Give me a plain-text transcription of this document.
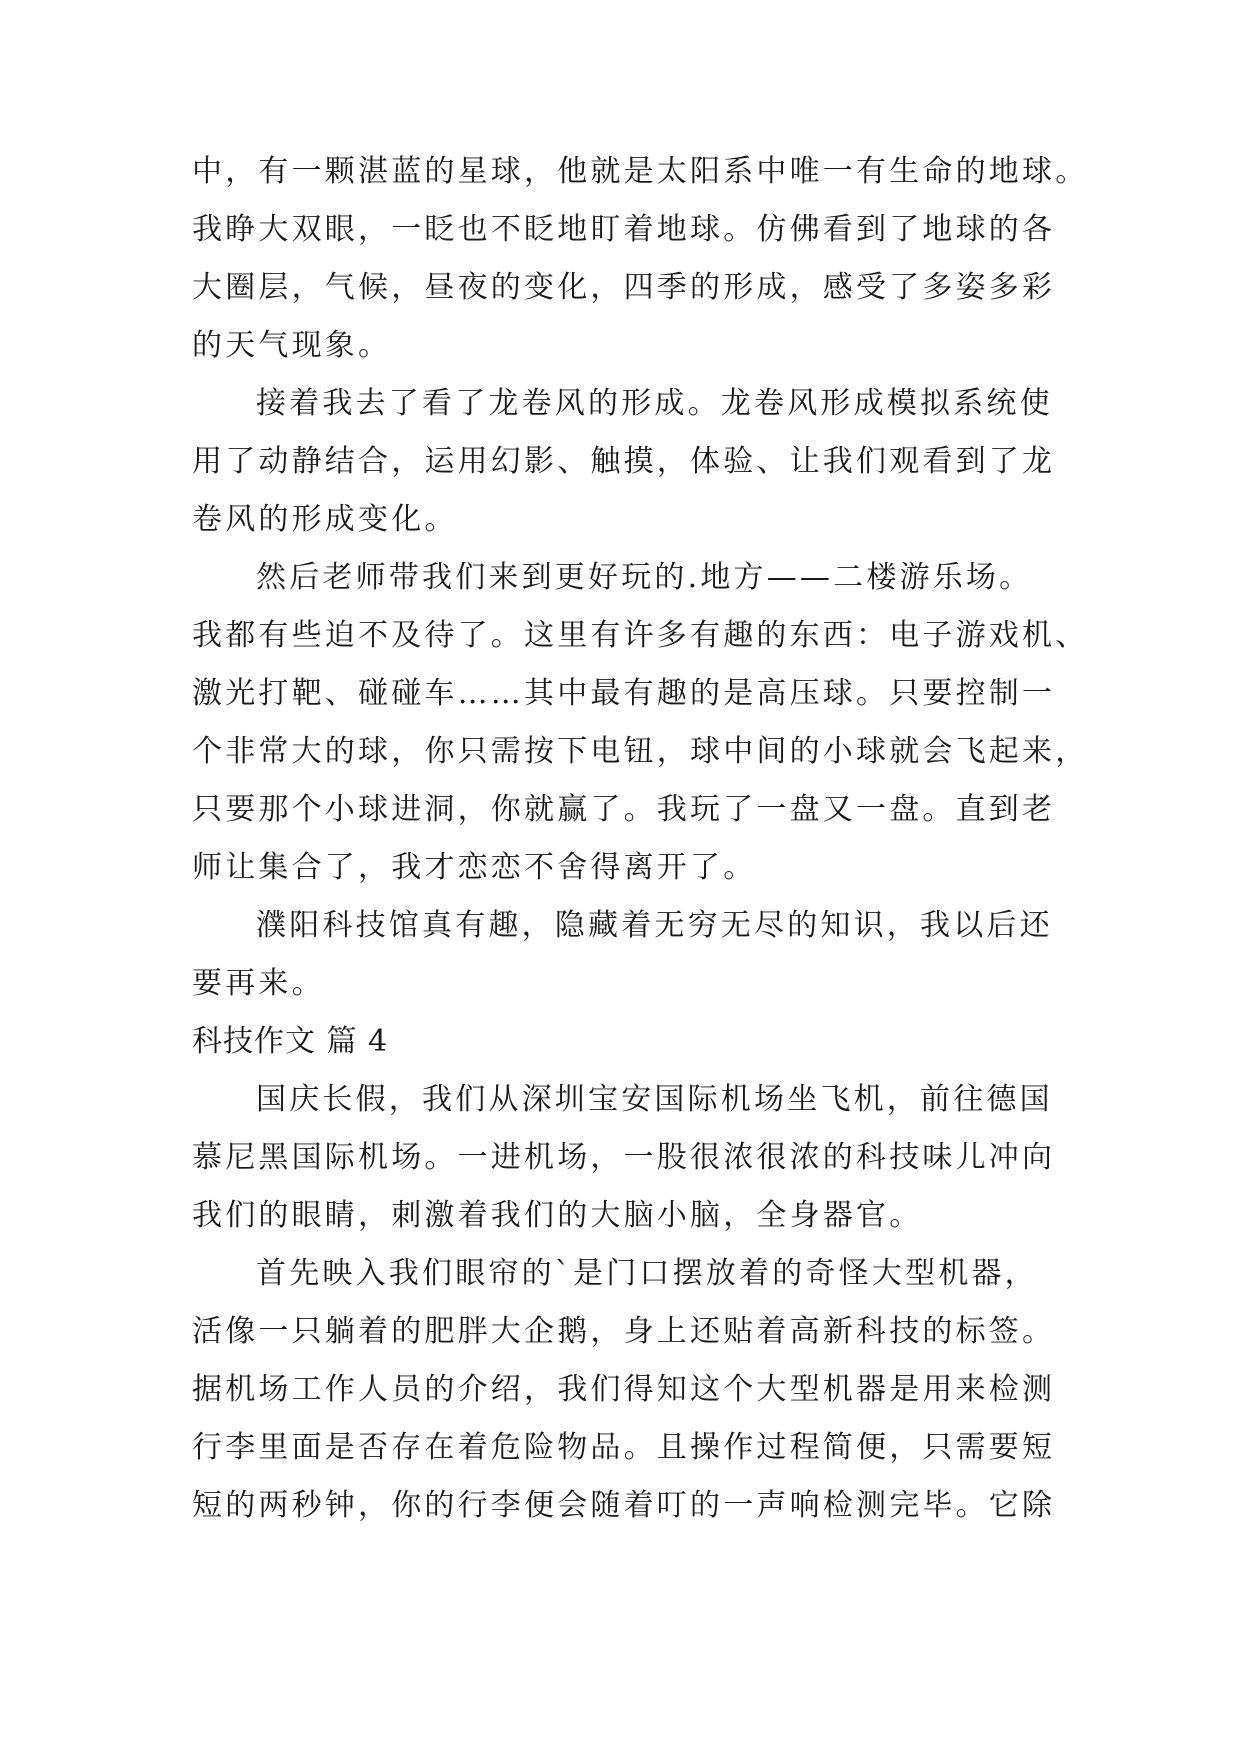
中，有一颗湛蓝的星球，他就是太阳系中唯一有生命的地球。
我睁大双眼，一眨也不眨地盯着地球。仿佛看到了地球的各
大圈层，气候，昼夜的变化，四季的形成，感受了多姿多彩
的天气现象。
接着我去了看了龙卷风的形成。龙卷风形成模拟系统使
用了动静结合，运用幻影、触摸，体验、让我们观看到了龙
卷风的形成变化。
然后老师带我们来到更好玩的.地方——二楼游乐场。
我都有些迫不及待了。这里有许多有趣的东西：电子游戏机、
激光打靶、碰碰车……其中最有趣的是高压球。只要控制一
个非常大的球，你只需按下电钮，球中间的小球就会飞起来，
只要那个小球进洞，你就赢了。我玩了一盘又一盘。直到老
师让集合了，我才恋恋不舍得离开了。
濮阳科技馆真有趣，隐藏着无穷无尽的知识，我以后还
要再来。
科技作文 篇 4
国庆长假，我们从深圳宝安国际机场坐飞机，前往德国
慕尼黑国际机场。一进机场，一股很浓很浓的科技味儿冲向
我们的眼睛，刺激着我们的大脑小脑，全身器官。
首先映入我们眼帘的`是门口摆放着的奇怪大型机器，
活像一只躺着的肥胖大企鹅，身上还贴着高新科技的标签。
据机场工作人员的介绍，我们得知这个大型机器是用来检测
行李里面是否存在着危险物品。且操作过程简便，只需要短
短的两秒钟，你的行李便会随着叮的一声响检测完毕。它除
